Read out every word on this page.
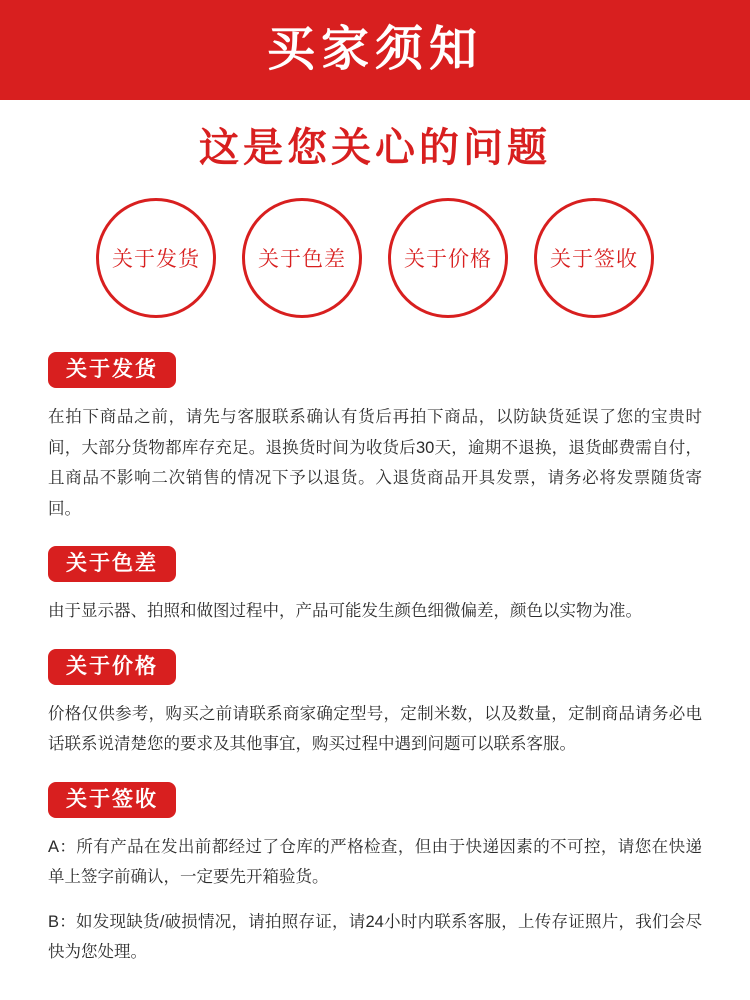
买家须知
这是您关心的问题
关于发货	关于色差	关于价格	关于签收
关于发货
在拍下商品之前，请先与客服联系确认有货后再拍下商品，以防缺货延误了您的宝贵时间，大部分货物都库存充足。退换货时间为收货后30天，逾期不退换，退货邮费需自付，且商品不影响二次销售的情况下予以退货。入退货商品开具发票，请务必将发票随货寄回。
关于色差
由于显示器、拍照和做图过程中，产品可能发生颜色细微偏差，颜色以实物为准。
关于价格
价格仅供参考，购买之前请联系商家确定型号，定制米数，以及数量，定制商品请务必电话联系说清楚您的要求及其他事宜，购买过程中遇到问题可以联系客服。
关于签收
A：所有产品在发出前都经过了仓库的严格检查，但由于快递因素的不可控，请您在快递单上签字前确认，一定要先开箱验货。
B：如发现缺货/破损情况，请拍照存证，请24小时内联系客服，上传存证照片，我们会尽快为您处理。
